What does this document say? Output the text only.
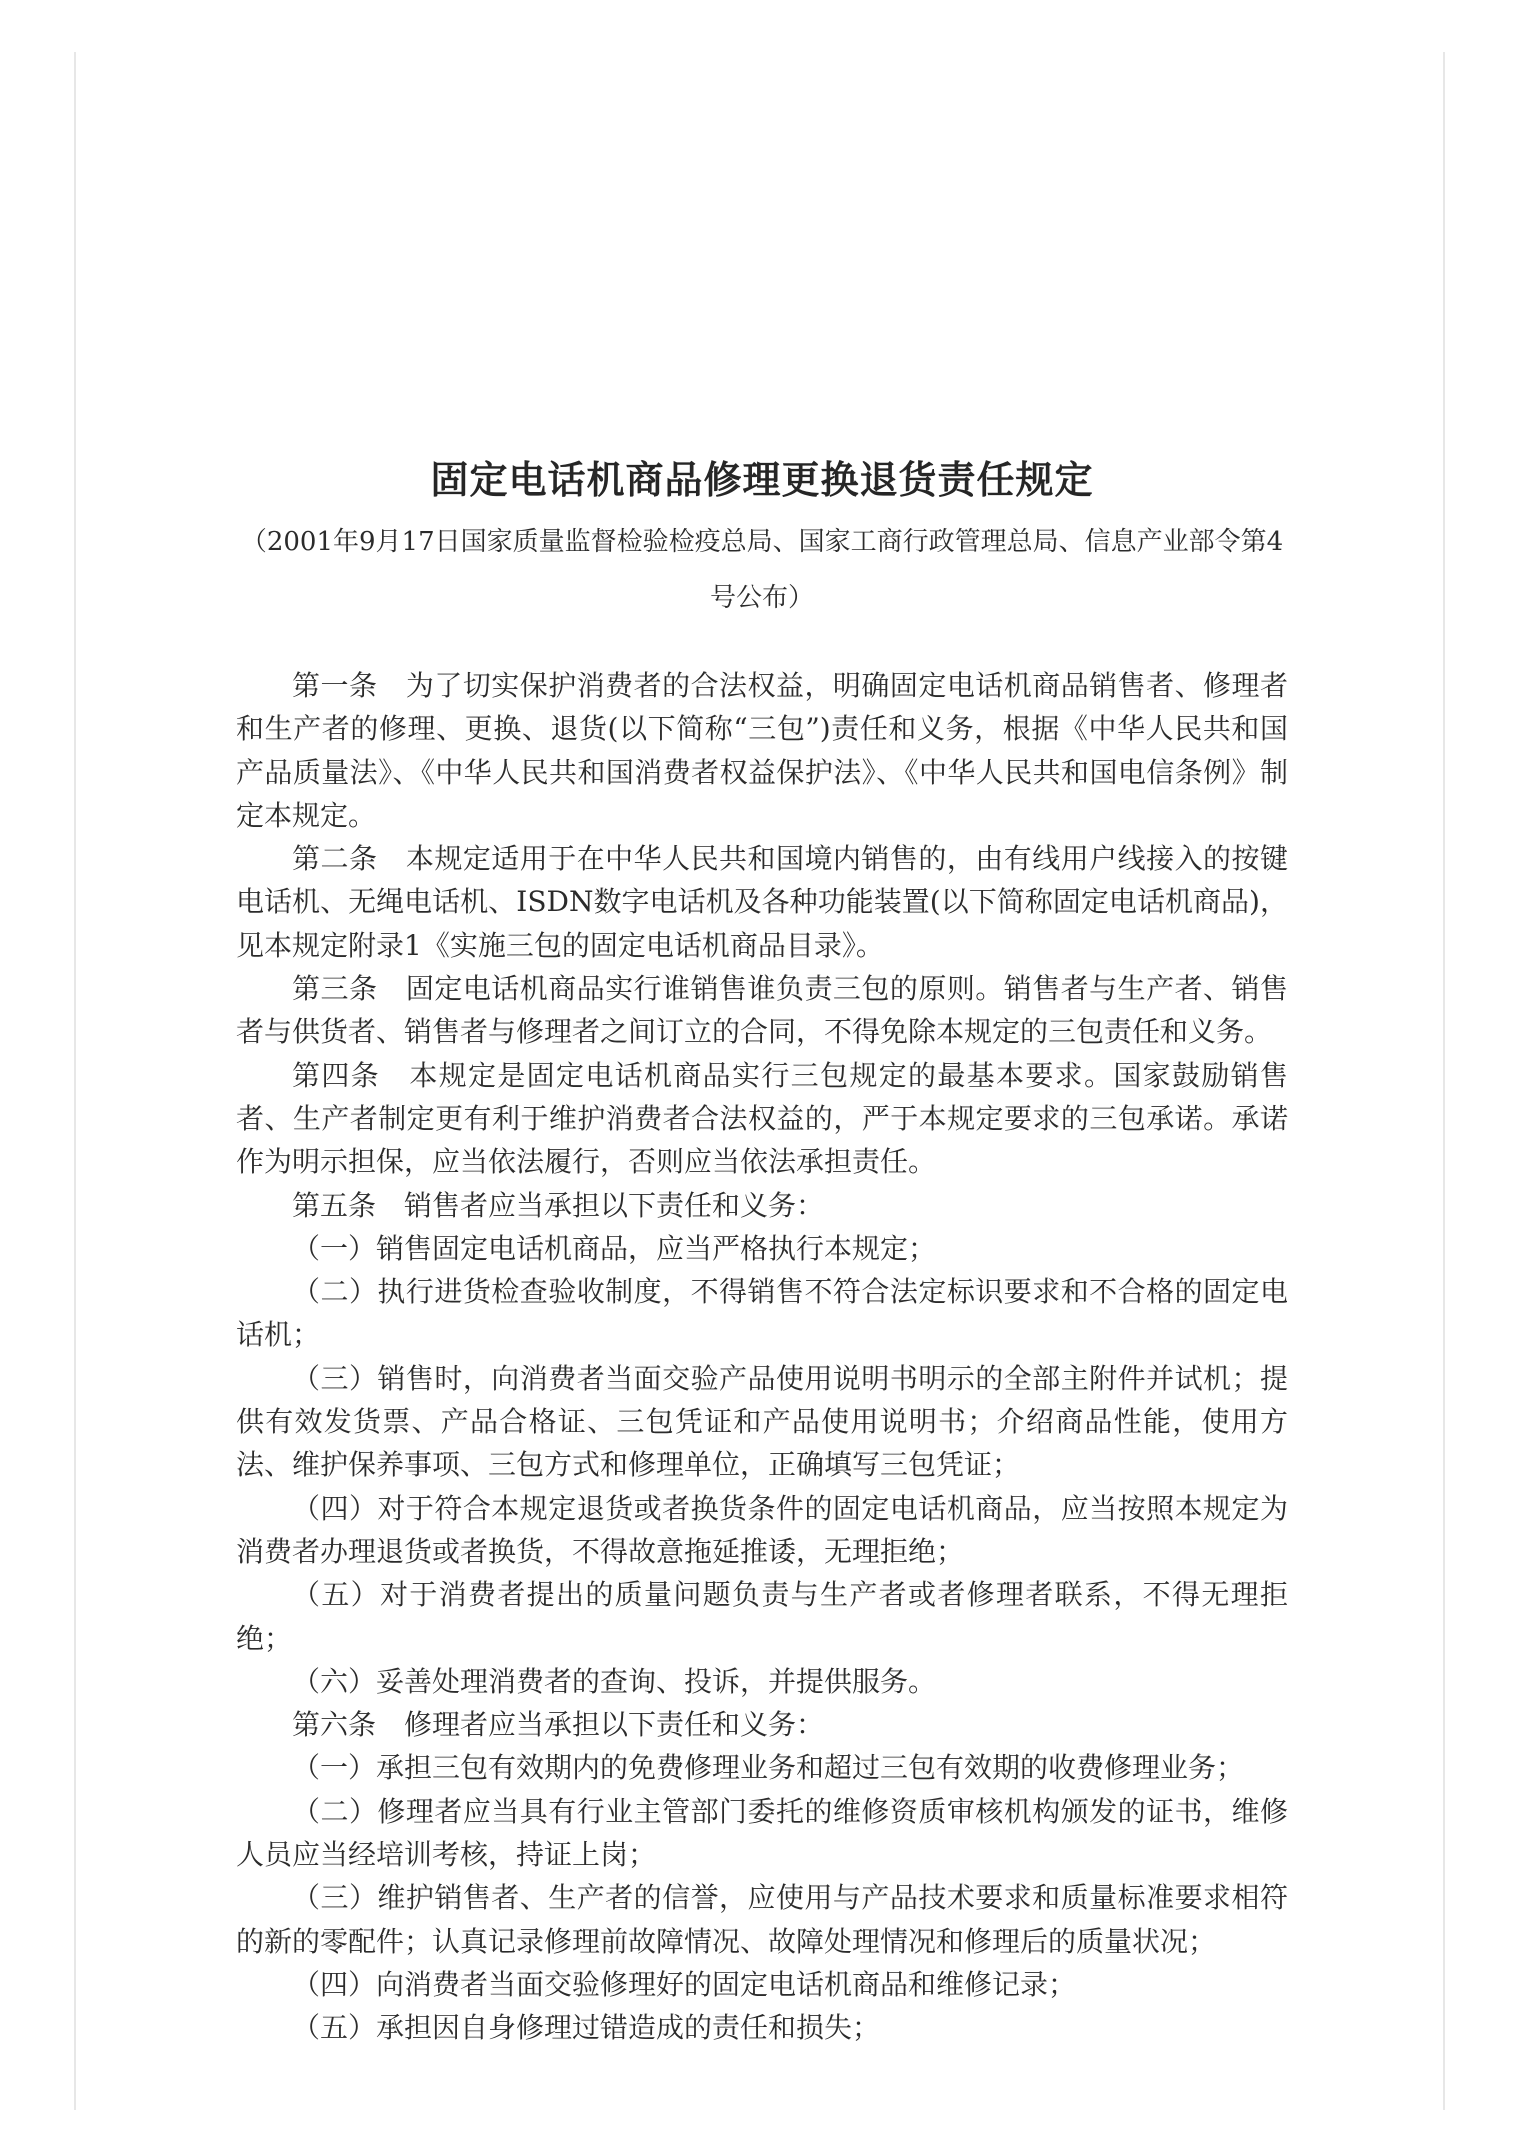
固定电话机商品修理更换退货责任规定

（2001年9月17日国家质量监督检验检疫总局、国家工商行政管理总局、信息产业部令第4号公布）

第一条　为了切实保护消费者的合法权益，明确固定电话机商品销售者、修理者和生产者的修理、更换、退货(以下简称“三包”)责任和义务，根据《中华人民共和国产品质量法》、《中华人民共和国消费者权益保护法》、《中华人民共和国电信条例》制定本规定。

第二条　本规定适用于在中华人民共和国境内销售的，由有线用户线接入的按键电话机、无绳电话机、ISDN数字电话机及各种功能装置(以下简称固定电话机商品)，见本规定附录1《实施三包的固定电话机商品目录》。

第三条　固定电话机商品实行谁销售谁负责三包的原则。销售者与生产者、销售者与供货者、销售者与修理者之间订立的合同，不得免除本规定的三包责任和义务。

第四条　本规定是固定电话机商品实行三包规定的最基本要求。国家鼓励销售者、生产者制定更有利于维护消费者合法权益的，严于本规定要求的三包承诺。承诺作为明示担保，应当依法履行，否则应当依法承担责任。

第五条　销售者应当承担以下责任和义务：

（一）销售固定电话机商品，应当严格执行本规定；

（二）执行进货检查验收制度，不得销售不符合法定标识要求和不合格的固定电话机；

（三）销售时，向消费者当面交验产品使用说明书明示的全部主附件并试机；提供有效发货票、产品合格证、三包凭证和产品使用说明书；介绍商品性能，使用方法、维护保养事项、三包方式和修理单位，正确填写三包凭证；

（四）对于符合本规定退货或者换货条件的固定电话机商品，应当按照本规定为消费者办理退货或者换货，不得故意拖延推诿，无理拒绝；

（五）对于消费者提出的质量问题负责与生产者或者修理者联系，不得无理拒绝；

（六）妥善处理消费者的查询、投诉，并提供服务。

第六条　修理者应当承担以下责任和义务：

（一）承担三包有效期内的免费修理业务和超过三包有效期的收费修理业务；

（二）修理者应当具有行业主管部门委托的维修资质审核机构颁发的证书，维修人员应当经培训考核，持证上岗；

（三）维护销售者、生产者的信誉，应使用与产品技术要求和质量标准要求相符的新的零配件；认真记录修理前故障情况、故障处理情况和修理后的质量状况；

（四）向消费者当面交验修理好的固定电话机商品和维修记录；

（五）承担因自身修理过错造成的责任和损失；
